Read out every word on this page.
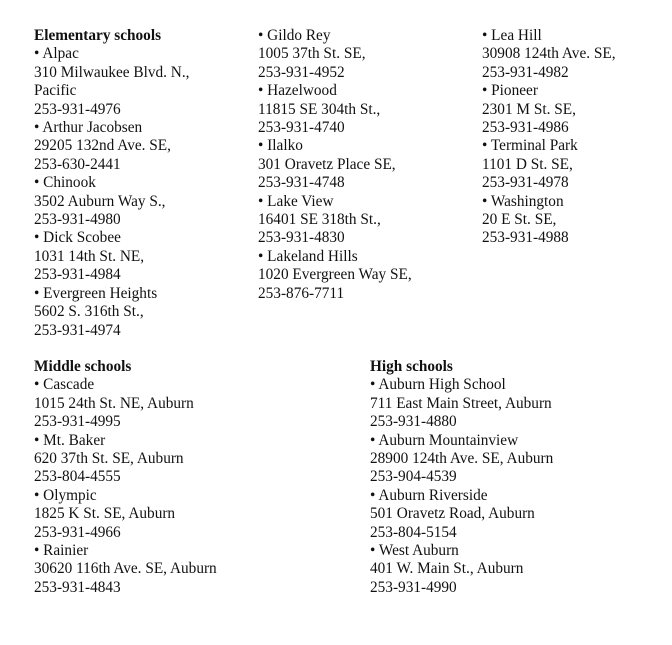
Elementary schools
• Alpac
310 Milwaukee Blvd. N.,
Pacific
253-931-4976
• Arthur Jacobsen
29205 132nd Ave. SE,
253-630-2441
• Chinook
3502 Auburn Way S.,
253-931-4980
• Dick Scobee
1031 14th St. NE,
253-931-4984
• Evergreen Heights
5602 S. 316th St.,
253-931-4974
• Gildo Rey
1005 37th St. SE,
253-931-4952
• Hazelwood
11815 SE 304th St.,
253-931-4740
• Ilalko
301 Oravetz Place SE,
253-931-4748
• Lake View
16401 SE 318th St.,
253-931-4830
• Lakeland Hills
1020 Evergreen Way SE,
253-876-7711
• Lea Hill
30908 124th Ave. SE,
253-931-4982
• Pioneer
2301 M St. SE,
253-931-4986
• Terminal Park
1101 D St. SE,
253-931-4978
• Washington
20 E St. SE,
253-931-4988
Middle schools
• Cascade
1015 24th St. NE, Auburn
253-931-4995
• Mt. Baker
620 37th St. SE, Auburn
253-804-4555
• Olympic
1825 K St. SE, Auburn
253-931-4966
• Rainier
30620 116th Ave. SE, Auburn
253-931-4843
High schools
• Auburn High School
711 East Main Street, Auburn
253-931-4880
• Auburn Mountainview
28900 124th Ave. SE, Auburn
253-904-4539
• Auburn Riverside
501 Oravetz Road, Auburn
253-804-5154
• West Auburn
401 W. Main St., Auburn
253-931-4990
